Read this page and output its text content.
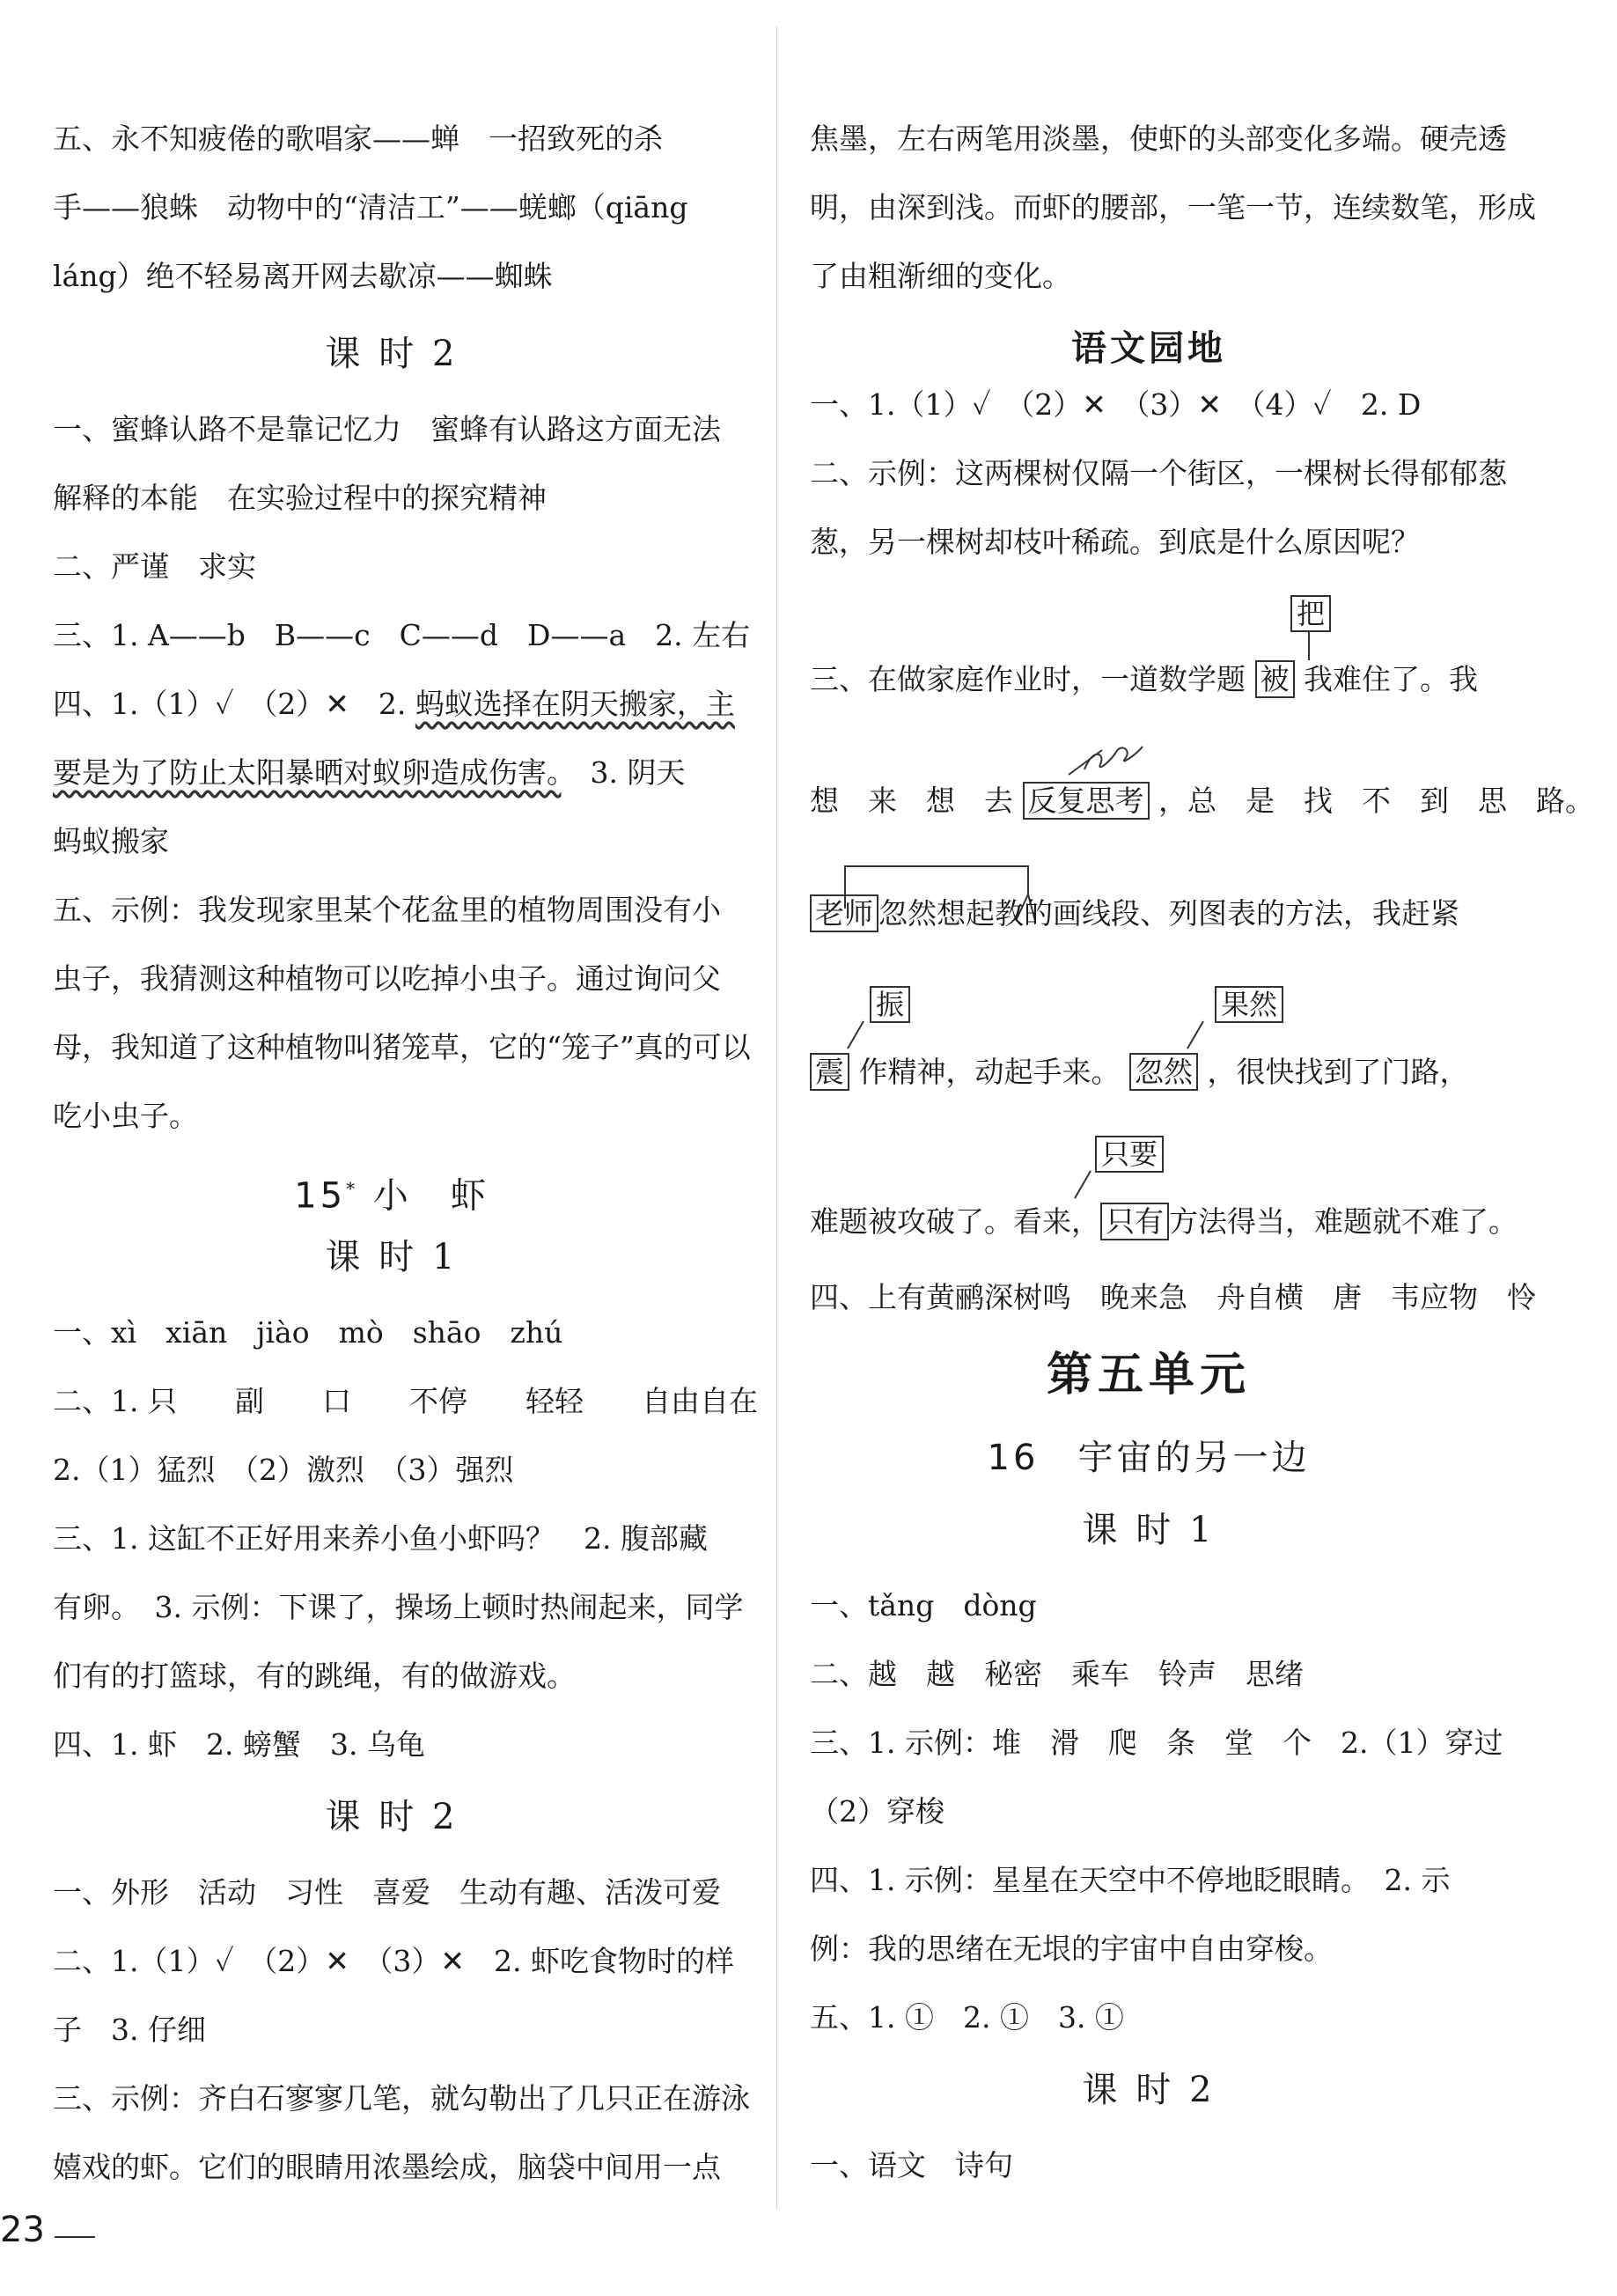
五、永不知疲倦的歌唱家——蝉　一招致死的杀
手——狼蛛　动物中的“清洁工”——蜣螂（qiāng
láng）绝不轻易离开网去歇凉——蜘蛛
课 时 2
一、蜜蜂认路不是靠记忆力　蜜蜂有认路这方面无法
解释的本能　在实验过程中的探究精神
二、严谨　求实
三、1. A——b　B——c　C——d　D——a　2. 左右
四、1.（1）✓　（2）✕　2. 蚂蚁选择在阴天搬家，主
要是为了防止太阳暴晒对蚁卵造成伤害。　3. 阴天
蚂蚁搬家
五、示例：我发现家里某个花盆里的植物周围没有小
虫子，我猜测这种植物可以吃掉小虫子。通过询问父
母，我知道了这种植物叫猪笼草，它的“笼子”真的可以
吃小虫子。
15* 小　虾
课 时 1
一、xì　xiān　jiào　mò　shāo　zhú
二、1. 只　　副　　口　　不停　　轻轻　　自由自在
2.（1）猛烈　（2）激烈　（3）强烈
三、1. 这缸不正好用来养小鱼小虾吗？　2. 腹部藏
有卵。　3. 示例：下课了，操场上顿时热闹起来，同学
们有的打篮球，有的跳绳，有的做游戏。
四、1. 虾　2. 螃蟹　3. 乌龟
课 时 2
一、外形　活动　习性　喜爱　生动有趣、活泼可爱
二、1.（1）✓　（2）✕　（3）✕　2. 虾吃食物时的样
子　3. 仔细
三、示例：齐白石寥寥几笔，就勾勒出了几只正在游泳
嬉戏的虾。它们的眼睛用浓墨绘成，脑袋中间用一点
焦墨，左右两笔用淡墨，使虾的头部变化多端。硬壳透
明，由深到浅。而虾的腰部，一笔一节，连续数笔，形成
了由粗渐细的变化。
语文园地
一、1.（1）✓　（2）✕　（3）✕　（4）✓　2. D
二、示例：这两棵树仅隔一个街区，一棵树长得郁郁葱
葱，另一棵树却枝叶稀疏。到底是什么原因呢？
把
三、在做家庭作业时，一道数学题 被 我难住了。我
想　来　想　去 反复思考 ，总　是　找　不　到　思　路。
老师 忽然想起教的画线段、列图表的方法，我赶紧
振	果然
震 作精神，动起手来。 忽然 ，很快找到了门路，
只要
难题被攻破了。看来， 只有 方法得当，难题就不难了。
四、上有黄鹂深树鸣　晚来急　舟自横　唐　韦应物　怜
第五单元
16　宇宙的另一边
课 时 1
一、tǎng　dòng
二、越　越　秘密　乘车　铃声　思绪
三、1. 示例：堆　滑　爬　条　堂　个　2.（1）穿过
（2）穿梭
四、1. 示例：星星在天空中不停地眨眼睛。　2. 示
例：我的思绪在无垠的宇宙中自由穿梭。
五、1. ①　2. ①　3. ①
课 时 2
一、语文　诗句
23
